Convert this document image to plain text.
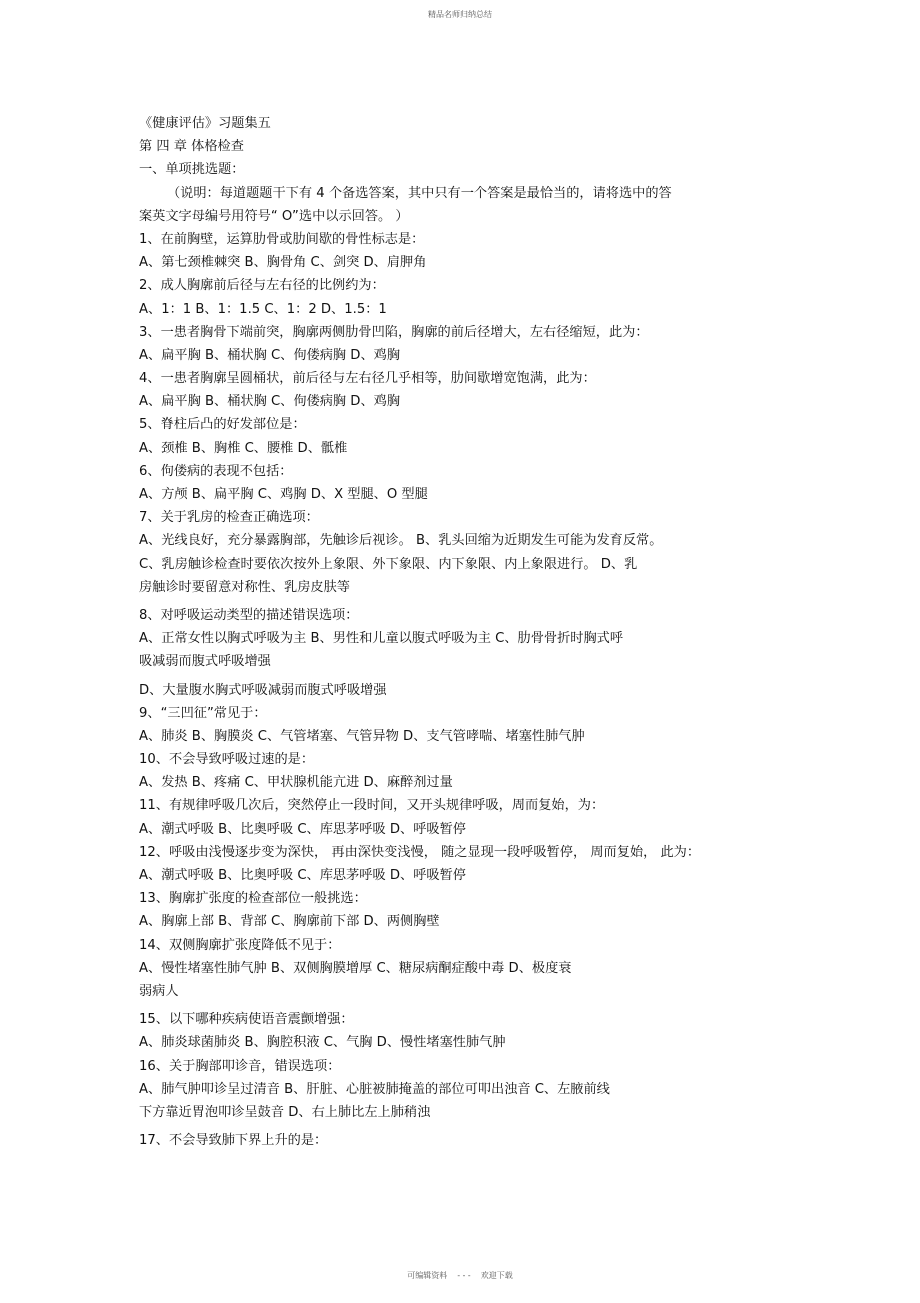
精品名师归纳总结
《健康评估》习题集五
第 四 章 体格检查
一、单项挑选题：
（说明：每道题题干下有 4 个备选答案，其中只有一个答案是最恰当的，请将选中的答
案英文字母编号用符号“ O”选中以示回答。 ）
1、在前胸壁，运算肋骨或肋间歇的骨性标志是：
A、第七颈椎棘突 B、胸骨角 C、剑突 D、肩胛角
2、成人胸廓前后径与左右径的比例约为：
A、1：1 B、1：1.5 C、1：2 D、1.5：1
3、一患者胸骨下端前突，胸廓两侧肋骨凹陷，胸廓的前后径增大，左右径缩短，此为：
A、扁平胸 B、桶状胸 C、佝偻病胸 D、鸡胸
4、一患者胸廓呈圆桶状，前后径与左右径几乎相等，肋间歇增宽饱满，此为：
A、扁平胸 B、桶状胸 C、佝偻病胸 D、鸡胸
5、脊柱后凸的好发部位是：
A、颈椎 B、胸椎 C、腰椎 D、骶椎
6、佝偻病的表现不包括：
A、方颅 B、扁平胸 C、鸡胸 D、X 型腿、O 型腿
7、关于乳房的检查正确选项：
A、光线良好，充分暴露胸部，先触诊后视诊。 B、乳头回缩为近期发生可能为发育反常。
C、乳房触诊检查时要依次按外上象限、外下象限、内下象限、内上象限进行。 D、乳
房触诊时要留意对称性、乳房皮肤等
8、对呼吸运动类型的描述错误选项：
A、正常女性以胸式呼吸为主 B、男性和儿童以腹式呼吸为主 C、肋骨骨折时胸式呼
吸减弱而腹式呼吸增强
D、大量腹水胸式呼吸减弱而腹式呼吸增强
9、“三凹征”常见于：
A、肺炎 B、胸膜炎 C、气管堵塞、气管异物 D、支气管哮喘、堵塞性肺气肿
10、不会导致呼吸过速的是：
A、发热 B、疼痛 C、甲状腺机能亢进 D、麻醉剂过量
11、有规律呼吸几次后，突然停止一段时间，又开头规律呼吸，周而复始，为：
A、潮式呼吸 B、比奥呼吸 C、库思茅呼吸 D、呼吸暂停
12、呼吸由浅慢逐步变为深快， 再由深快变浅慢， 随之显现一段呼吸暂停， 周而复始， 此为：
A、潮式呼吸 B、比奥呼吸 C、库思茅呼吸 D、呼吸暂停
13、胸廓扩张度的检查部位一般挑选：
A、胸廓上部 B、背部 C、胸廓前下部 D、两侧胸壁
14、双侧胸廓扩张度降低不见于：
A、慢性堵塞性肺气肿 B、双侧胸膜增厚 C、糖尿病酮症酸中毒 D、极度衰
弱病人
15、以下哪种疾病使语音震颤增强：
A、肺炎球菌肺炎 B、胸腔积液 C、气胸 D、慢性堵塞性肺气肿
16、关于胸部叩诊音，错误选项：
A、肺气肿叩诊呈过清音 B、肝脏、心脏被肺掩盖的部位可叩出浊音 C、左腋前线
下方靠近胃泡叩诊呈鼓音 D、右上肺比左上肺稍浊
17、不会导致肺下界上升的是：
可编辑资料    - - -    欢迎下载
